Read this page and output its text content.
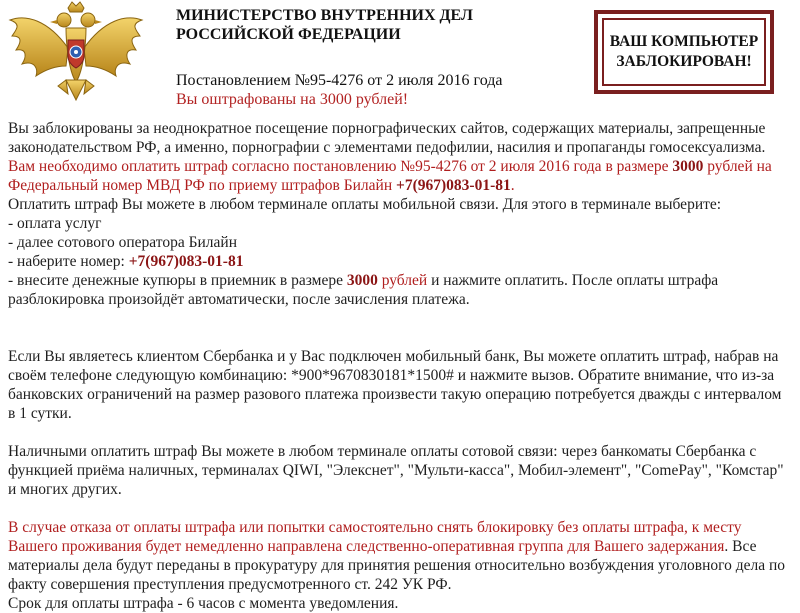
МИНИСТЕРСТВО ВНУТРЕННИХ ДЕЛ
РОССИЙСКОЙ ФЕДЕРАЦИИ
Постановлением №95-4276 от 2 июля 2016 года
Вы оштрафованы на 3000 рублей!
ВАШ КОМПЬЮТЕР
ЗАБЛОКИРОВАН!

Вы заблокированы за неоднократное посещение порнографических сайтов, содержащих материалы, запрещенные законодательством РФ, а именно, порнографии с элементами педофилии, насилия и пропаганды гомосексуализма.

Вам необходимо оплатить штраф согласно постановлению №95-4276 от 2 июля 2016 года в размере 3000 рублей на Федеральный номер МВД РФ по приему штрафов Билайн +7(967)083-01-81.

Оплатить штраф Вы можете в любом терминале оплаты мобильной связи. Для этого в терминале выберите:

- оплата услуг

- далее сотового оператора Билайн

- наберите номер: +7(967)083-01-81

- внесите денежные купюры в приемник в размере 3000 рублей и нажмите оплатить. После оплаты штрафа разблокировка произойдёт автоматически, после зачисления платежа.

Если Вы являетесь клиентом Сбербанка и у Вас подключен мобильный банк, Вы можете оплатить штраф, набрав на своём телефоне следующую комбинацию: *900*9670830181*1500# и нажмите вызов. Обратите внимание, что из-за банковских ограничений на размер разового платежа произвести такую операцию потребуется дважды с интервалом в 1 сутки.

Наличными оплатить штраф Вы можете в любом терминале оплаты сотовой связи: через банкоматы Сбербанка с функцией приёма наличных, терминалах QIWI, "Элекснет", "Мульти-касса", Мобил-элемент", "ComePay", "Комстар" и многих других.

В случае отказа от оплаты штрафа или попытки самостоятельно снять блокировку без оплаты штрафа, к месту Вашего проживания будет немедленно направлена следственно-оперативная группа для Вашего задержания. Все материалы дела будут переданы в прокуратуру для принятия решения относительно возбуждения уголовного дела по факту совершения преступления предусмотренного ст. 242 УК РФ.

Срок для оплаты штрафа - 6 часов с момента уведомления.
